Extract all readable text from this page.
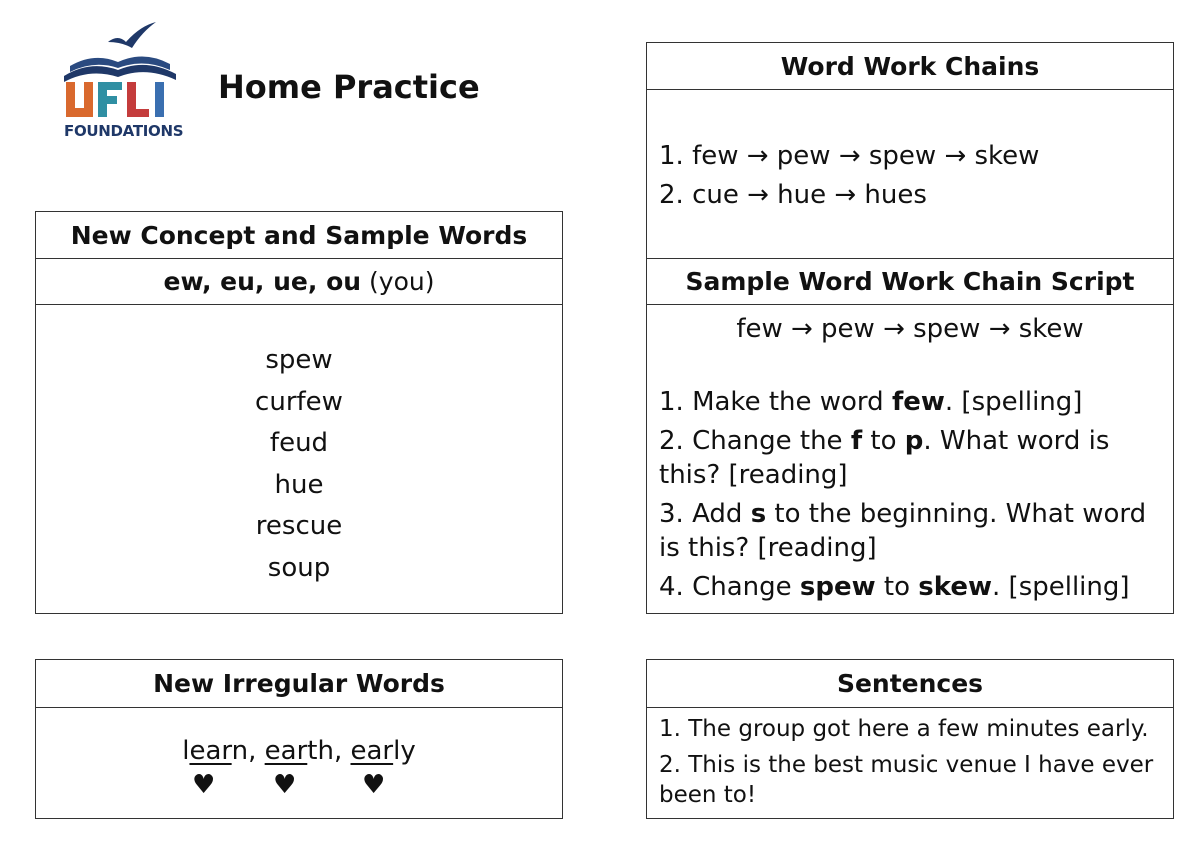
FOUNDATIONS
Home Practice
New Concept and Sample Words
ew, eu, ue, ou
(you)
spew
curfew
feud
hue
rescue
soup
Word Work Chains
1. few → pew → spew → skew
2. cue → hue → hues
Sample Word Work Chain Script
few → pew → spew → skew
1. Make the word few. [spelling]
2. Change the f to p. What word is this? [reading]
3. Add s to the beginning. What word is this? [reading]
4. Change spew to skew. [spelling]
New Irregular Words
learn, earth, early
♥ ♥	♥
Sentences
1. The group got here a few minutes early.
2. This is the best music venue I have ever been to!
